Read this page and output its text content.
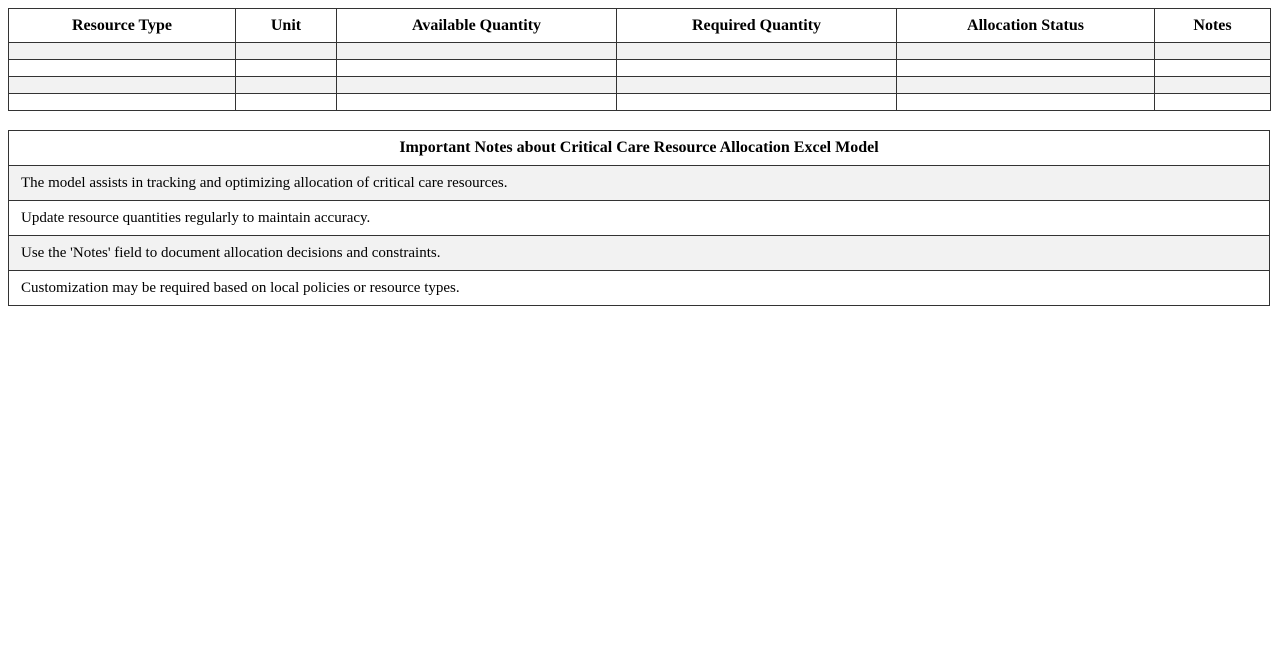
Resource Type	Unit	Available Quantity	Required Quantity	Allocation Status	Notes

Important Notes about Critical Care Resource Allocation Excel Model
The model assists in tracking and optimizing allocation of critical care resources.
Update resource quantities regularly to maintain accuracy.
Use the 'Notes' field to document allocation decisions and constraints.
Customization may be required based on local policies or resource types.
